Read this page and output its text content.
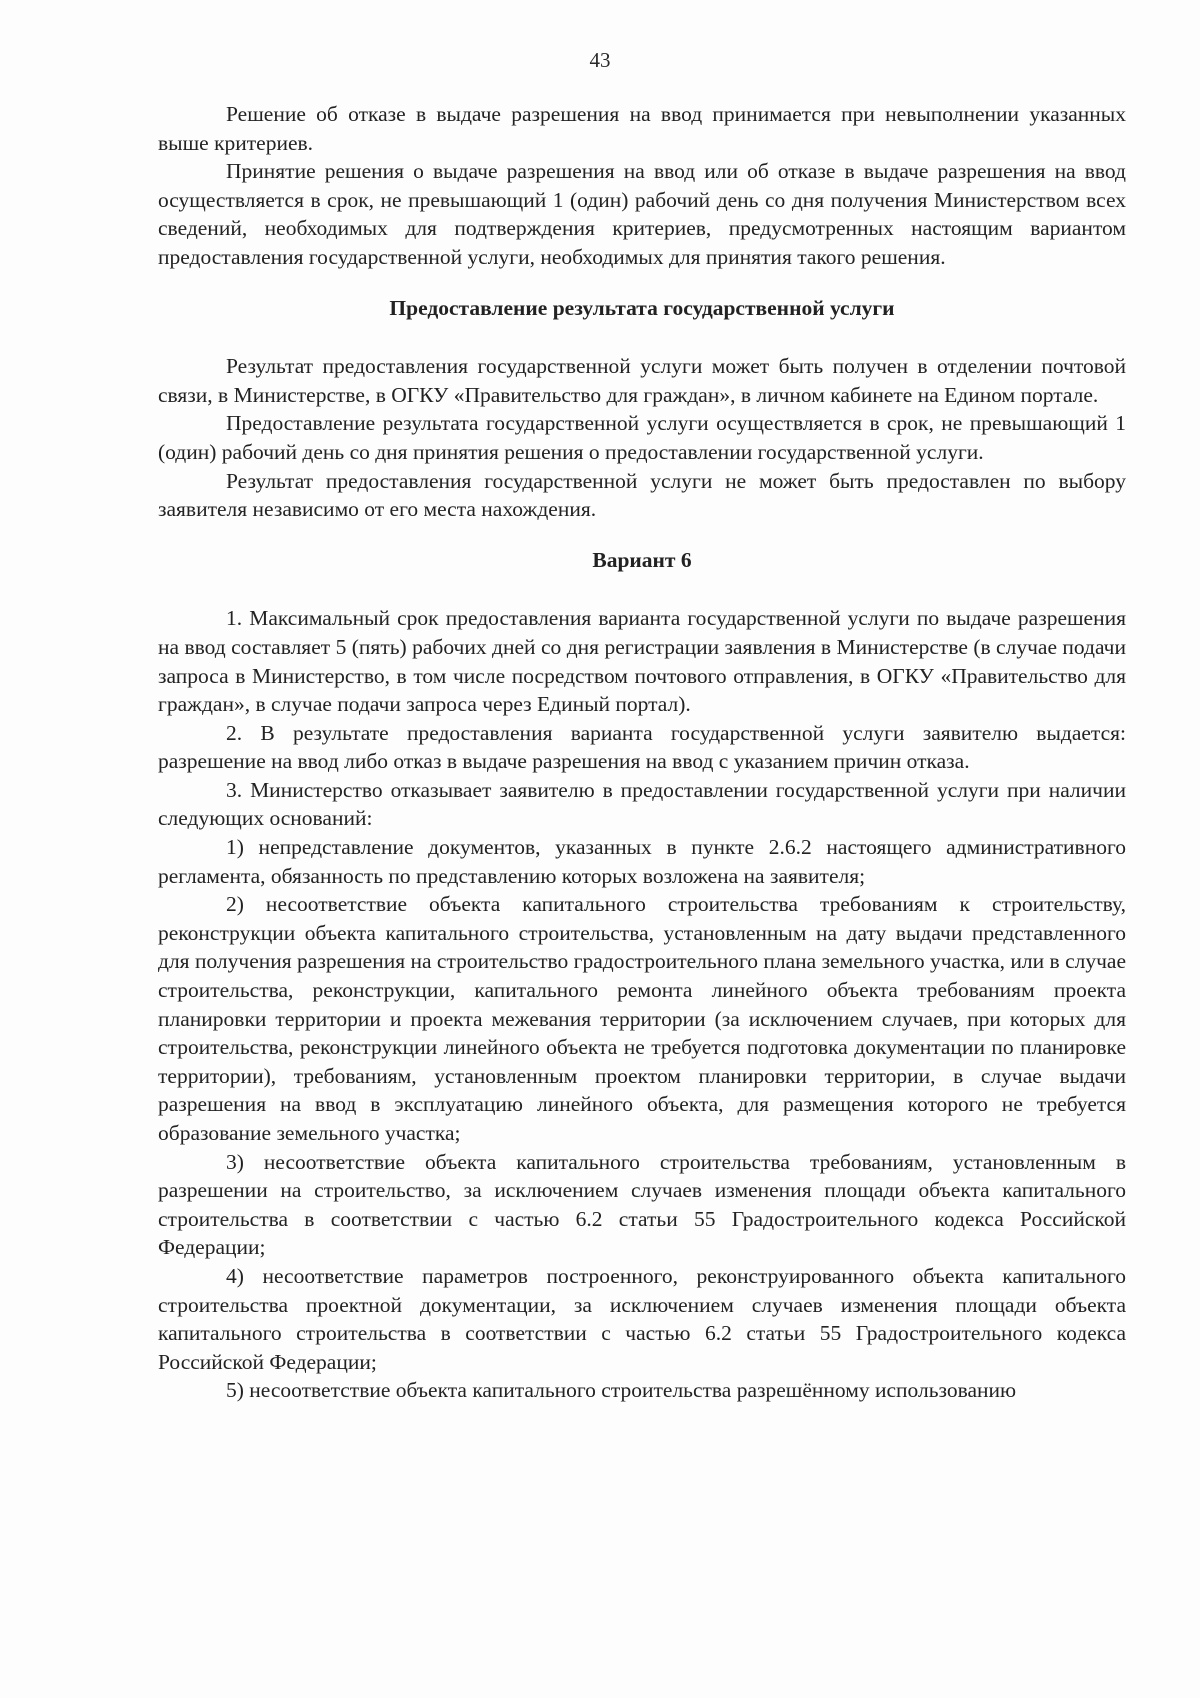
43

Решение об отказе в выдаче разрешения на ввод принимается при невыполнении указанных выше критериев.

Принятие решения о выдаче разрешения на ввод или об отказе в выдаче разрешения на ввод осуществляется в срок, не превышающий 1 (один) рабочий день со дня получения Министерством всех сведений, необходимых для подтверждения критериев, предусмотренных настоящим вариантом предоставления государственной услуги, необходимых для принятия такого решения.

Предоставление результата государственной услуги

Результат предоставления государственной услуги может быть получен в отделении почтовой связи, в Министерстве, в ОГКУ «Правительство для граждан», в личном кабинете на Едином портале.

Предоставление результата государственной услуги осуществляется в срок, не превышающий 1 (один) рабочий день со дня принятия решения о предоставлении государственной услуги.

Результат предоставления государственной услуги не может быть предоставлен по выбору заявителя независимо от его места нахождения.

Вариант 6

1. Максимальный срок предоставления варианта государственной услуги по выдаче разрешения на ввод составляет 5 (пять) рабочих дней со дня регистрации заявления в Министерстве (в случае подачи запроса в Министерство, в том числе посредством почтового отправления, в ОГКУ «Правительство для граждан», в случае подачи запроса через Единый портал).

2. В результате предоставления варианта государственной услуги заявителю выдается: разрешение на ввод либо отказ в выдаче разрешения на ввод с указанием причин отказа.

3. Министерство отказывает заявителю в предоставлении государственной услуги при наличии следующих оснований:

1) непредставление документов, указанных в пункте 2.6.2 настоящего административного регламента, обязанность по представлению которых возложена на заявителя;

2) несоответствие объекта капитального строительства требованиям к строительству, реконструкции объекта капитального строительства, установленным на дату выдачи представленного для получения разрешения на строительство градостроительного плана земельного участка, или в случае строительства, реконструкции, капитального ремонта линейного объекта требованиям проекта планировки территории и проекта межевания территории (за исключением случаев, при которых для строительства, реконструкции линейного объекта не требуется подготовка документации по планировке территории), требованиям, установленным проектом планировки территории, в случае выдачи разрешения на ввод в эксплуатацию линейного объекта, для размещения которого не требуется образование земельного участка;

3) несоответствие объекта капитального строительства требованиям, установленным в разрешении на строительство, за исключением случаев изменения площади объекта капитального строительства в соответствии с частью 6.2 статьи 55 Градостроительного кодекса Российской Федерации;

4) несоответствие параметров построенного, реконструированного объекта капитального строительства проектной документации, за исключением случаев изменения площади объекта капитального строительства в соответствии с частью 6.2 статьи 55 Градостроительного кодекса Российской Федерации;

5) несоответствие объекта капитального строительства разрешённому использованию
